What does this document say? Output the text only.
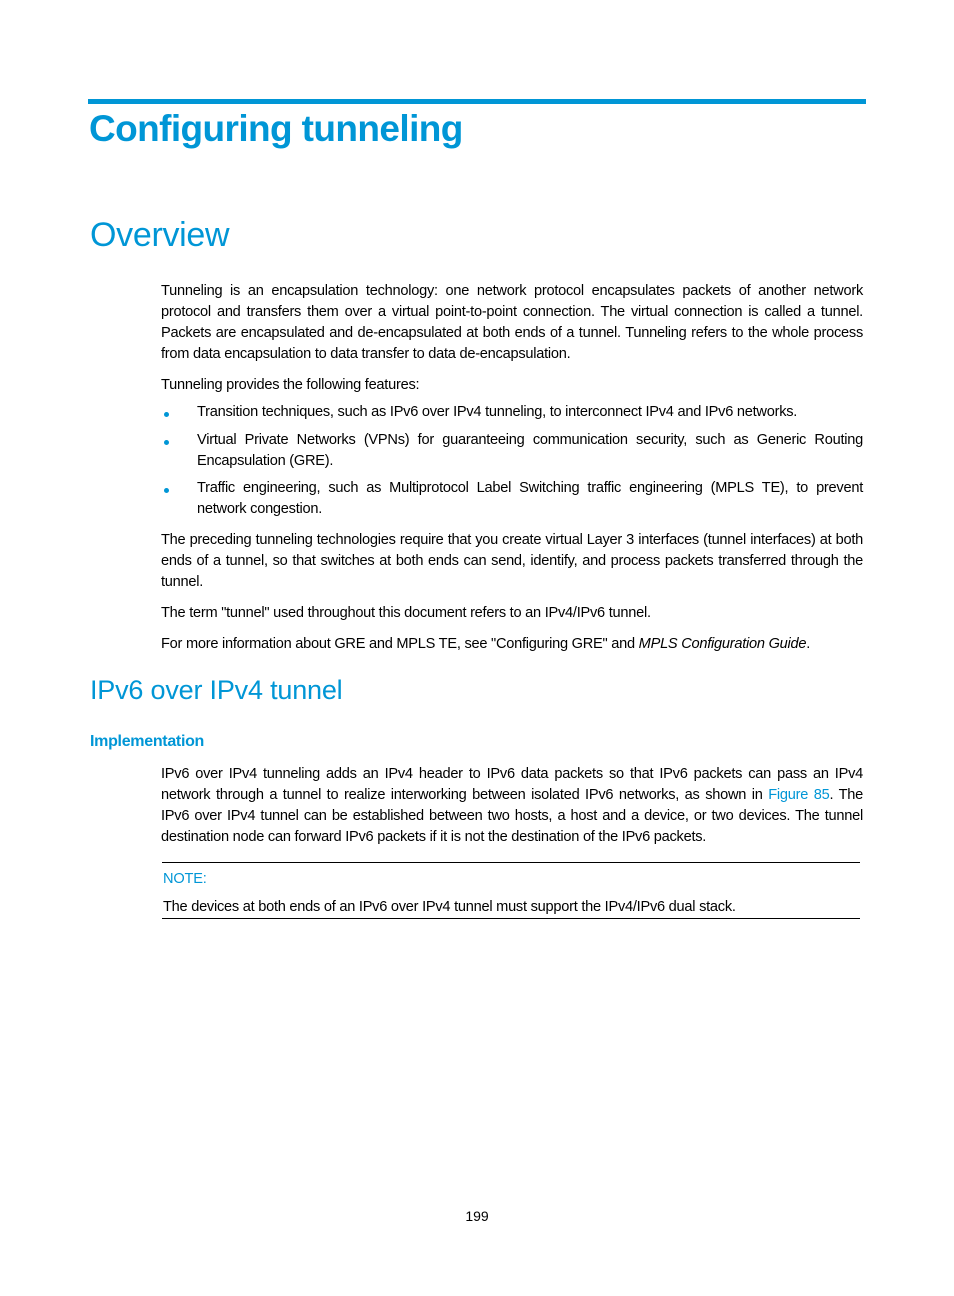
Configuring tunneling
Overview

Tunneling is an encapsulation technology: one network protocol encapsulates packets of another network protocol and transfers them over a virtual point-to-point connection. The virtual connection is called a tunnel. Packets are encapsulated and de-encapsulated at both ends of a tunnel. Tunneling refers to the whole process from data encapsulation to data transfer to data de-encapsulation.

Tunneling provides the following features:

Transition techniques, such as IPv6 over IPv4 tunneling, to interconnect IPv4 and IPv6 networks.
Virtual Private Networks (VPNs) for guaranteeing communication security, such as Generic Routing Encapsulation (GRE).
Traffic engineering, such as Multiprotocol Label Switching traffic engineering (MPLS TE), to prevent network congestion.

The preceding tunneling technologies require that you create virtual Layer 3 interfaces (tunnel interfaces) at both ends of a tunnel, so that switches at both ends can send, identify, and process packets transferred through the tunnel.

The term "tunnel" used throughout this document refers to an IPv4/IPv6 tunnel.

For more information about GRE and MPLS TE, see "Configuring GRE" and MPLS Configuration Guide.

IPv6 over IPv4 tunnel
Implementation

IPv6 over IPv4 tunneling adds an IPv4 header to IPv6 data packets so that IPv6 packets can pass an IPv4 network through a tunnel to realize interworking between isolated IPv6 networks, as shown in Figure 85. The IPv6 over IPv4 tunnel can be established between two hosts, a host and a device, or two devices. The tunnel destination node can forward IPv6 packets if it is not the destination of the IPv6 packets.

NOTE:
The devices at both ends of an IPv6 over IPv4 tunnel must support the IPv4/IPv6 dual stack.
199
